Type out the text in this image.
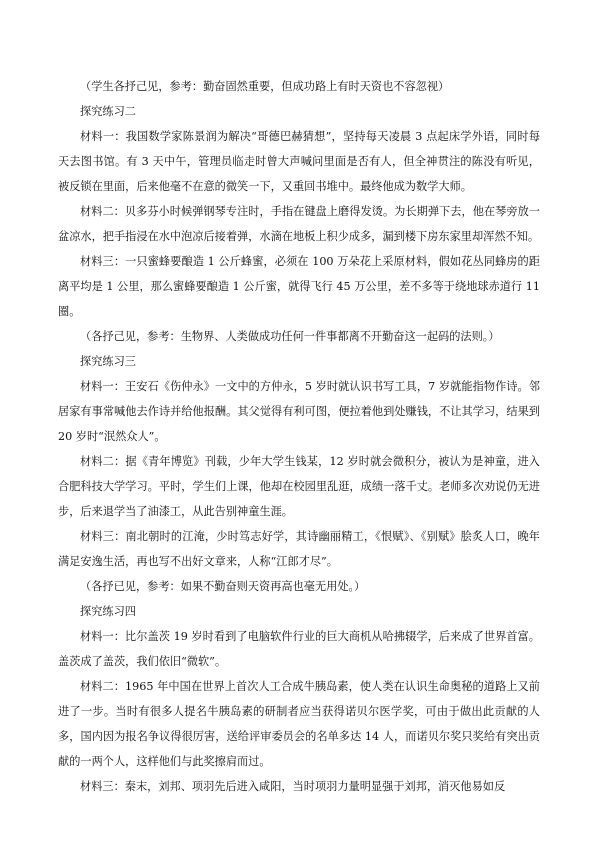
（学生各抒己见，参考：勤奋固然重要，但成功路上有时天资也不容忽视）

探究练习二

材料一：我国数学家陈景润为解决“哥德巴赫猜想”，坚持每天凌晨 3 点起床学外语，同时每天去图书馆。有 3 天中午，管理员临走时曾大声喊问里面是否有人，但全神贯注的陈没有听见，被反锁在里面，后来他毫不在意的微笑一下，又重回书堆中。最终他成为数学大师。

材料二：贝多芬小时候弹钢琴专注时，手指在键盘上磨得发烫。为长期弹下去，他在琴旁放一盆凉水，把手指浸在水中泡凉后接着弹，水滴在地板上积少成多，漏到楼下房东家里却浑然不知。

材料三：一只蜜蜂要酿造 1 公斤蜂蜜，必须在 100 万朵花上采原材料，假如花丛同蜂房的距离平均是 1 公里，那么蜜蜂要酿造 1 公斤蜜，就得飞行 45 万公里，差不多等于绕地球赤道行 11 圈。

（各抒己见，参考：生物界、人类做成功任何一件事都离不开勤奋这一起码的法则。）

探究练习三

材料一：王安石《伤仲永》一文中的方仲永，5 岁时就认识书写工具，7 岁就能指物作诗。邻居家有事常喊他去作诗并给他报酬。其父觉得有利可图，便拉着他到处赚钱，不让其学习，结果到 20 岁时“泯然众人”。

材料二：据《青年博览》刊载，少年大学生钱某，12 岁时就会微积分，被认为是神童，进入合肥科技大学学习。平时，学生们上课，他却在校园里乱逛，成绩一落千丈。老师多次劝说仍无进步，后来退学当了油漆工，从此告别神童生涯。

材料三：南北朝时的江淹，少时笃志好学，其诗幽丽精工，《恨赋》、《别赋》脍炙人口，晚年满足安逸生活，再也写不出好文章来，人称“江郎才尽”。

（各抒已见，参考：如果不勤奋则天资再高也毫无用处。）

探究练习四

材料一：比尔盖茨 19 岁时看到了电脑软件行业的巨大商机从哈拂辍学，后来成了世界首富。盖茨成了盖茨，我们依旧“微软”。

材料二：1965 年中国在世界上首次人工合成牛胰岛素，使人类在认识生命奥秘的道路上又前进了一步。当时有很多人提名牛胰岛素的研制者应当获得诺贝尔医学奖，可由于做出此贡献的人多，国内因为报名争议得很厉害，送给评审委员会的名单多达 14 人，而诺贝尔奖只奖给有突出贡献的一两个人，这样他们与此奖擦肩而过。

材料三：秦末，刘邦、项羽先后进入咸阳，当时项羽力量明显强于刘邦，消灭他易如反
